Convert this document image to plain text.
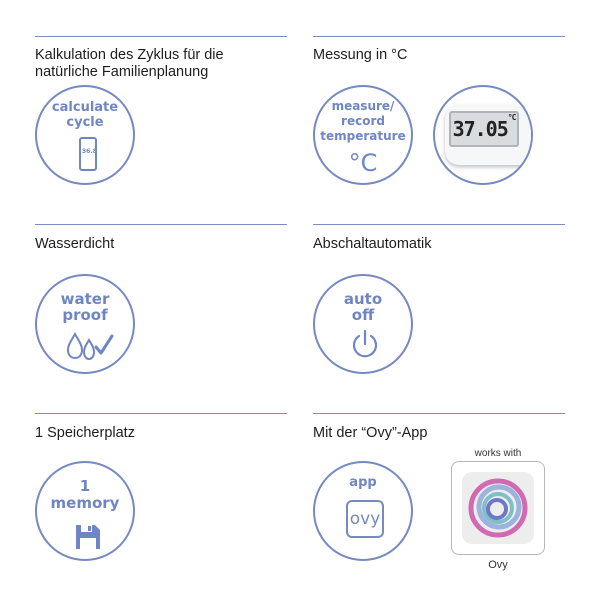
Kalkulation des Zyklus für die
natürliche Familienplanung
calculate
cycle
36.8
Messung in °C
measure/
record
temperature
°C
$37.05^{^\circ C}$
Wasserdicht
water
proof
Abschaltautomatik
auto
off
1 Speicherplatz
1
memory
Mit der “Ovy”-App
app
ovy
works with
Ovy
